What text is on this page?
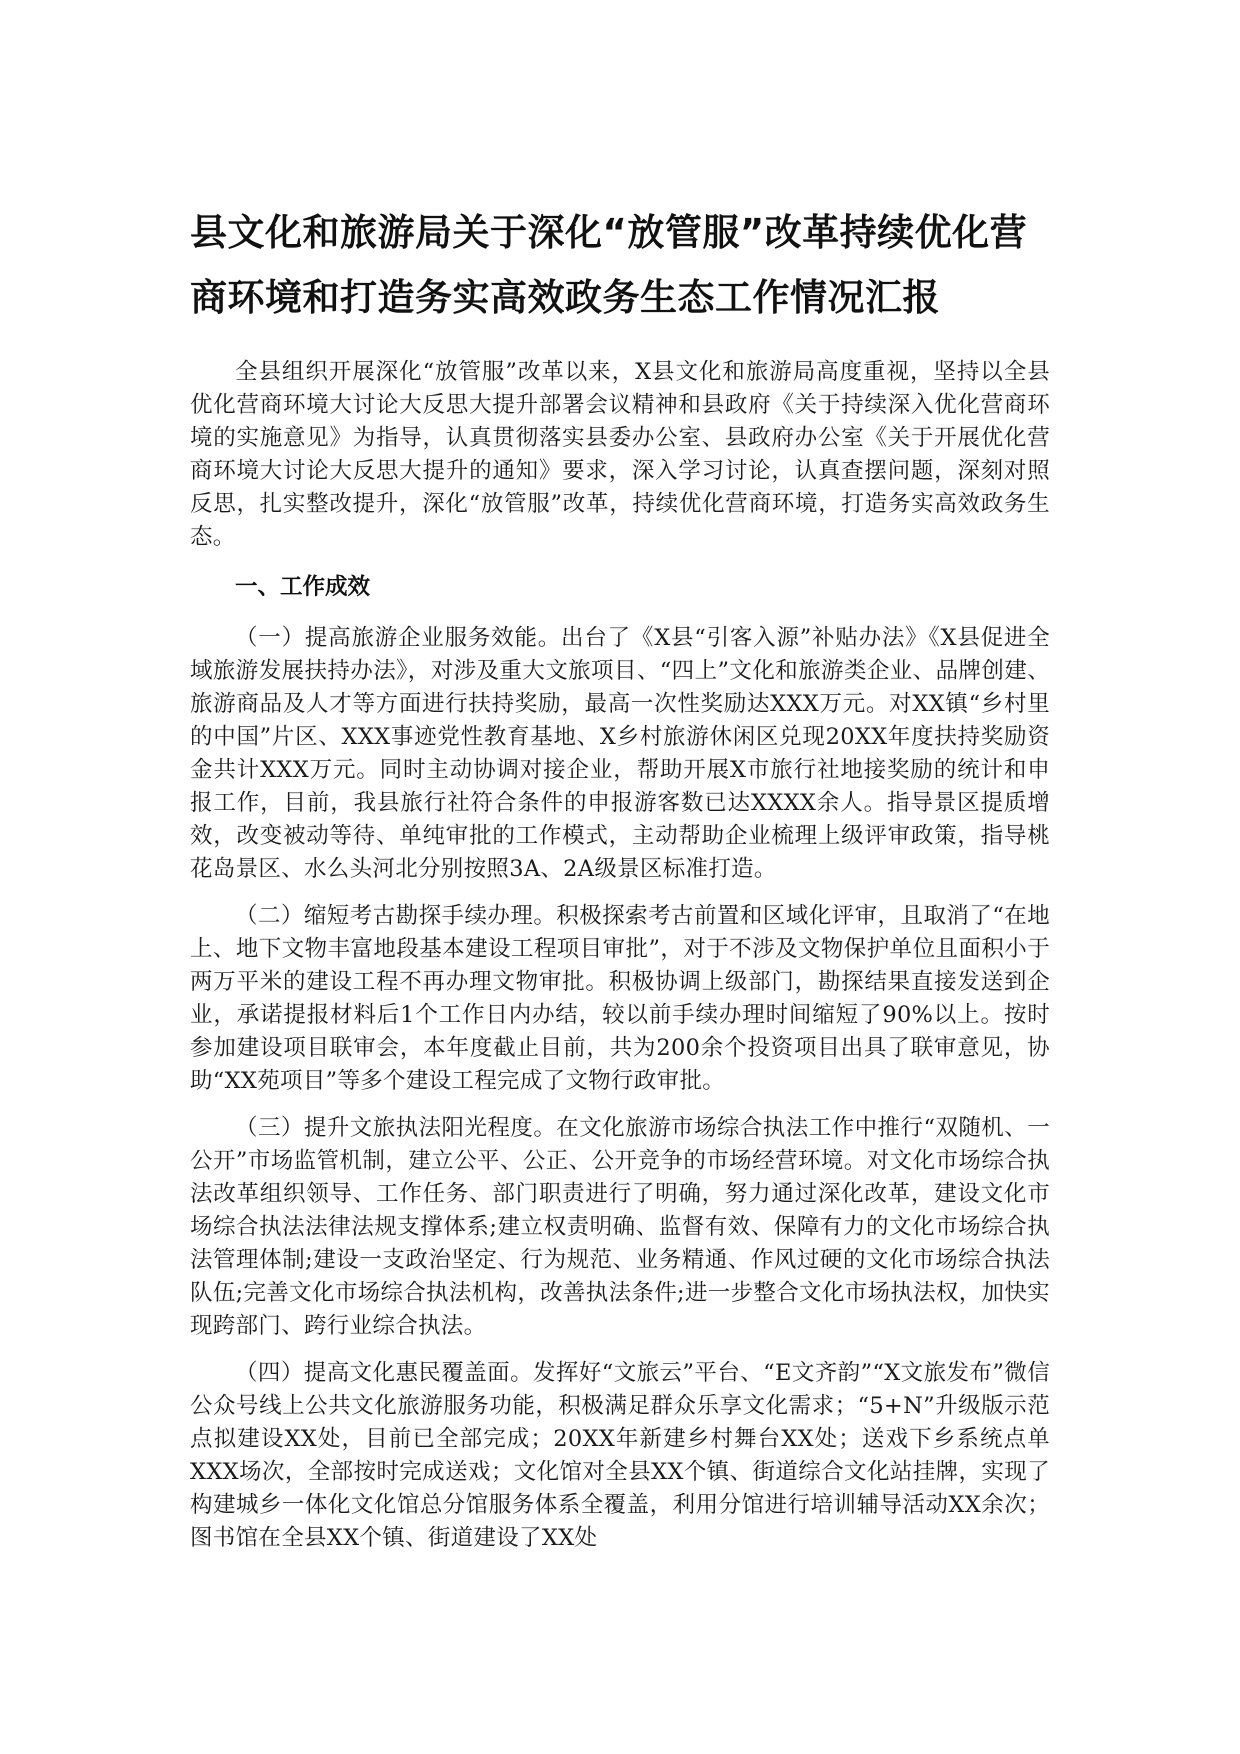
县文化和旅游局关于深化“放管服”改革持续优化营商环境和打造务实高效政务生态工作情况汇报

全县组织开展深化“放管服”改革以来，X县文化和旅游局高度重视，坚持以全县优化营商环境大讨论大反思大提升部署会议精神和县政府《关于持续深入优化营商环境的实施意见》为指导，认真贯彻落实县委办公室、县政府办公室《关于开展优化营商环境大讨论大反思大提升的通知》要求，深入学习讨论，认真查摆问题，深刻对照反思，扎实整改提升，深化“放管服”改革，持续优化营商环境，打造务实高效政务生态。

一、工作成效

（一）提高旅游企业服务效能。出台了《X县“引客入源”补贴办法》《X县促进全域旅游发展扶持办法》，对涉及重大文旅项目、“四上”文化和旅游类企业、品牌创建、旅游商品及人才等方面进行扶持奖励，最高一次性奖励达XXX万元。对XX镇“乡村里的中国”片区、XXX事迹党性教育基地、X乡村旅游休闲区兑现20XX年度扶持奖励资金共计XXX万元。同时主动协调对接企业，帮助开展X市旅行社地接奖励的统计和申报工作，目前，我县旅行社符合条件的申报游客数已达XXXX余人。指导景区提质增效，改变被动等待、单纯审批的工作模式，主动帮助企业梳理上级评审政策，指导桃花岛景区、水么头河北分别按照3A、2A级景区标准打造。

（二）缩短考古勘探手续办理。积极探索考古前置和区域化评审，且取消了“在地上、地下文物丰富地段基本建设工程项目审批”，对于不涉及文物保护单位且面积小于两万平米的建设工程不再办理文物审批。积极协调上级部门，勘探结果直接发送到企业，承诺提报材料后1个工作日内办结，较以前手续办理时间缩短了90%以上。按时参加建设项目联审会，本年度截止目前，共为200余个投资项目出具了联审意见，协助“XX苑项目”等多个建设工程完成了文物行政审批。

（三）提升文旅执法阳光程度。在文化旅游市场综合执法工作中推行“双随机、一公开”市场监管机制，建立公平、公正、公开竞争的市场经营环境。对文化市场综合执法改革组织领导、工作任务、部门职责进行了明确，努力通过深化改革，建设文化市场综合执法法律法规支撑体系;建立权责明确、监督有效、保障有力的文化市场综合执法管理体制;建设一支政治坚定、行为规范、业务精通、作风过硬的文化市场综合执法队伍;完善文化市场综合执法机构，改善执法条件;进一步整合文化市场执法权，加快实现跨部门、跨行业综合执法。

（四）提高文化惠民覆盖面。发挥好“文旅云”平台、“E文齐韵”“X文旅发布”微信公众号线上公共文化旅游服务功能，积极满足群众乐享文化需求；“5+N”升级版示范点拟建设XX处，目前已全部完成；20XX年新建乡村舞台XX处；送戏下乡系统点单XXX场次，全部按时完成送戏；文化馆对全县XX个镇、街道综合文化站挂牌，实现了构建城乡一体化文化馆总分馆服务体系全覆盖，利用分馆进行培训辅导活动XX余次；图书馆在全县XX个镇、街道建设了XX处
